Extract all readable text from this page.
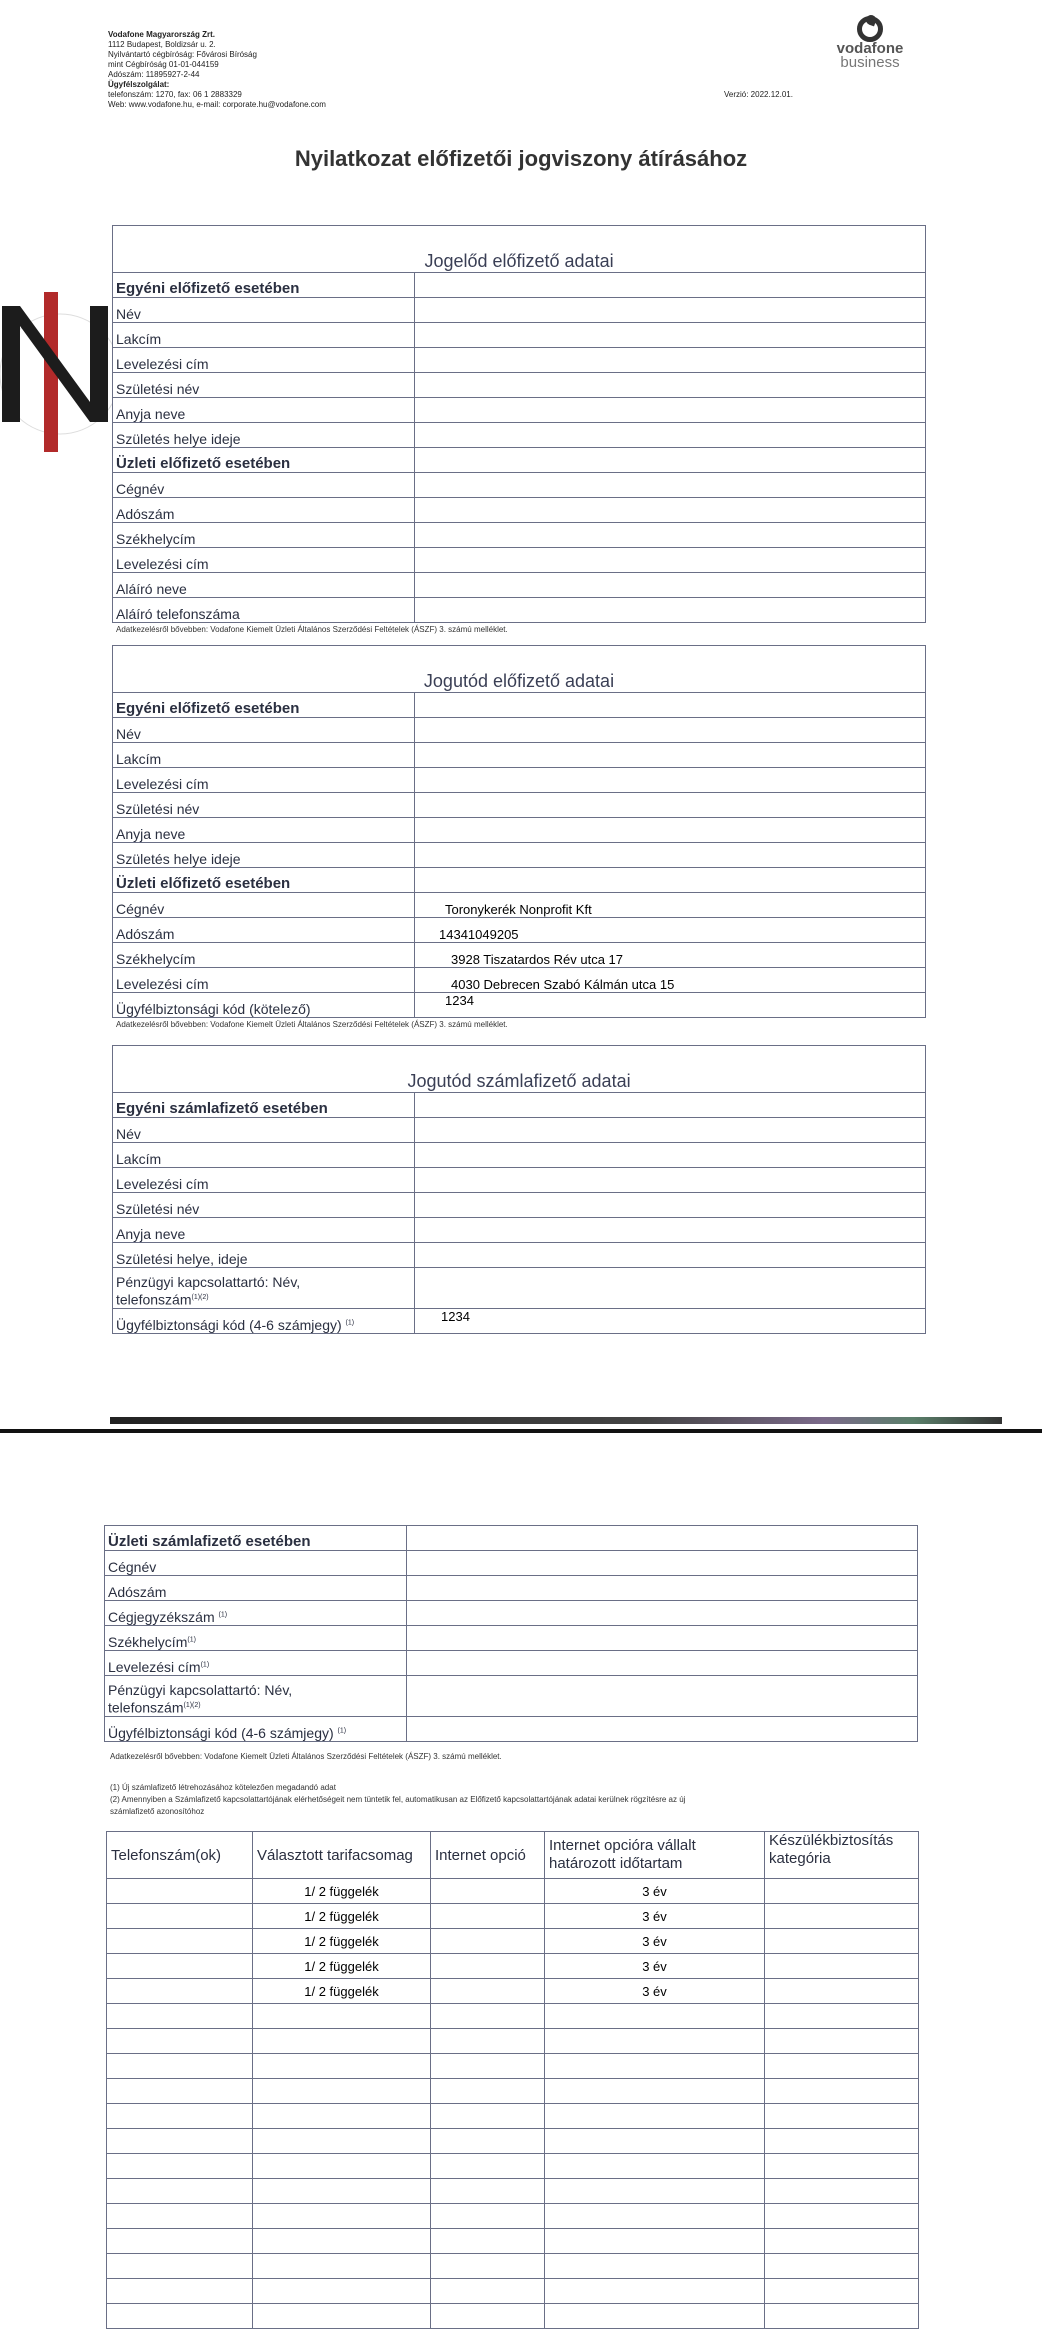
Vodafone Magyarország Zrt.
1112 Budapest, Boldizsár u. 2.
Nyilvántartó cégbíróság: Fővárosi Bíróság
mint Cégbíróság 01-01-044159
Adószám: 11895927-2-44
Ügyfélszolgálat:
telefonszám: 1270, fax: 06 1 2883329
Web: www.vodafone.hu, e-mail: corporate.hu@vodafone.com
vodafone
business
Verzió: 2022.12.01.
Nyilatkozat előfizetői jogviszony átírásához
Jogelőd előfizető adatai	
Egyéni előfizető esetében	
Név	
Lakcím	
Levelezési cím	
Születési név	
Anyja neve	
Születés helye ideje	
Üzleti előfizető esetében	
Cégnév	
Adószám	
Székhelycím	
Levelezési cím	
Aláíró neve	
Aláíró telefonszáma	
Adatkezelésről bővebben: Vodafone Kiemelt Üzleti Általános Szerződési Feltételek (ÁSZF) 3. számú melléklet.
Jogutód előfizető adatai	
Egyéni előfizető esetében	
Név	
Lakcím	
Levelezési cím	
Születési név	
Anyja neve	
Születés helye ideje	
Üzleti előfizető esetében	
Cégnév	Toronykerék Nonprofit Kft
Adószám	14341049205
Székhelycím	3928 Tiszatardos Rév utca 17
Levelezési cím	4030 Debrecen Szabó Kálmán utca 15
Ügyfélbiztonsági kód (kötelező)	1234
Adatkezelésről bővebben: Vodafone Kiemelt Üzleti Általános Szerződési Feltételek (ÁSZF) 3. számú melléklet.
Jogutód számlafizető adatai	
Egyéni számlafizető esetében	
Név	
Lakcím	
Levelezési cím	
Születési név	
Anyja neve	
Születési helye, ideje	
Pénzügyi kapcsolattartó: Név,
telefonszám$^{(1)(2)}$	
Ügyfélbiztonsági kód (4-6 számjegy) $^{(1)}$	1234
Üzleti számlafizető esetében	
Cégnév	
Adószám	
Cégjegyzékszám $^{(1)}$	
Székhelycím$^{(1)}$	
Levelezési cím$^{(1)}$	
Pénzügyi kapcsolattartó: Név,
telefonszám$^{(1)(2)}$	
Ügyfélbiztonsági kód (4-6 számjegy) $^{(1)}$	
Adatkezelésről bővebben: Vodafone Kiemelt Üzleti Általános Szerződési Feltételek (ÁSZF) 3. számú melléklet.
(1) Új számlafizető létrehozásához kötelezően megadandó adat
(2) Amennyiben a Számlafizető kapcsolattartójának elérhetőségeit nem tüntetik fel, automatikusan az Előfizető kapcsolattartójának adatai kerülnek rögzítésre az új
számlafizető azonosítóhoz
Telefonszám(ok)	Választott tarifacsomag	Internet opció	Internet opcióra vállalt határozott időtartam	Készülékbiztosítás kategória
	1/ 2 függelék		3 év	
	1/ 2 függelék		3 év	
	1/ 2 függelék		3 év	
	1/ 2 függelék		3 év	
	1/ 2 függelék		3 év	
